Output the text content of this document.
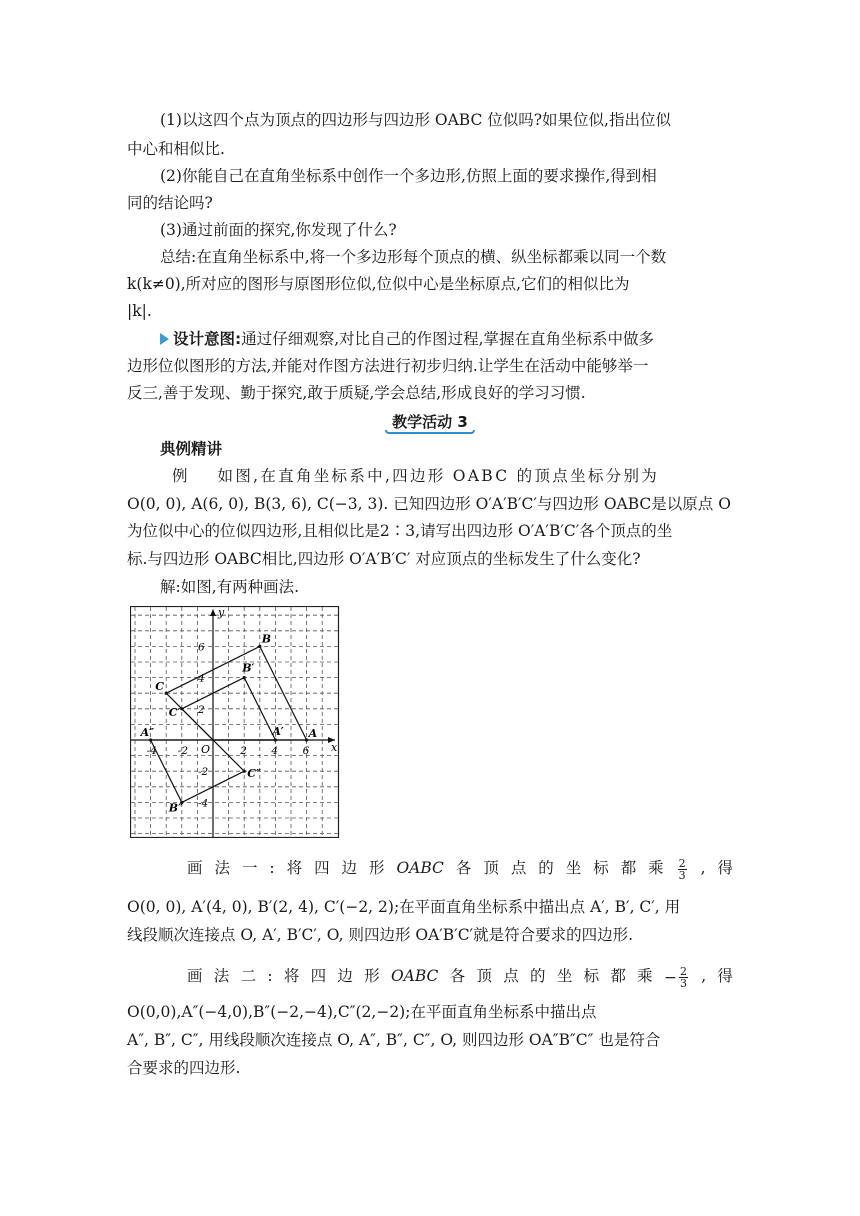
(1)以这四个点为顶点的四边形与四边形 OABC 位似吗?如果位似,指出位似
中心和相似比.
(2)你能自己在直角坐标系中创作一个多边形,仿照上面的要求操作,得到相
同的结论吗?
(3)通过前面的探究,你发现了什么?
总结:在直角坐标系中,将一个多边形每个顶点的横、纵坐标都乘以同一个数
k(k≠0),所对应的图形与原图形位似,位似中心是坐标原点,它们的相似比为
|k|.
设计意图:通过仔细观察,对比自己的作图过程,掌握在直角坐标系中做多
边形位似图形的方法,并能对作图方法进行初步归纳.让学生在活动中能够举一
反三,善于发现、勤于探究,敢于质疑,学会总结,形成良好的学习习惯.
教学活动 3
典例精讲
例 如图,在直角坐标系中,四边形 OABC 的顶点坐标分别为
O(0, 0), A(6, 0), B(3, 6), C(−3, 3). 已知四边形 O′A′B′C′与四边形 OABC是以原点 O
为位似中心的位似四边形,且相似比是2∶3,请写出四边形 O′A′B′C′各个顶点的坐
标.与四边形 OABC相比,四边形 O′A′B′C′ 对应顶点的坐标发生了什么变化?
解:如图,有两种画法.
x
y
O
-4 -2	2 4 6
-4
-2
2
4
6
A
B
C
A′
B′
C′
A″
B″
C″
画 法 一 : 将 四 边 形 OABC 各 顶 点 的 坐 标 都 乘 $\frac{2}{3}$ , 得
O(0, 0), A′(4, 0), B′(2, 4), C′(−2, 2);在平面直角坐标系中描出点 A′, B′, C′, 用
线段顺次连接点 O, A′, B′C′, O, 则四边形 OA′B′C′就是符合要求的四边形.
画 法 二 : 将 四 边 形 OABC 各 顶 点 的 坐 标 都 乘 − $\frac{2}{3}$ , 得
O(0,0),A″(−4,0),B″(−2,−4),C″(2,−2);在平面直角坐标系中描出点
A″, B″, C″, 用线段顺次连接点 O, A″, B″, C″, O, 则四边形 OA″B″C″ 也是符合
合要求的四边形.
